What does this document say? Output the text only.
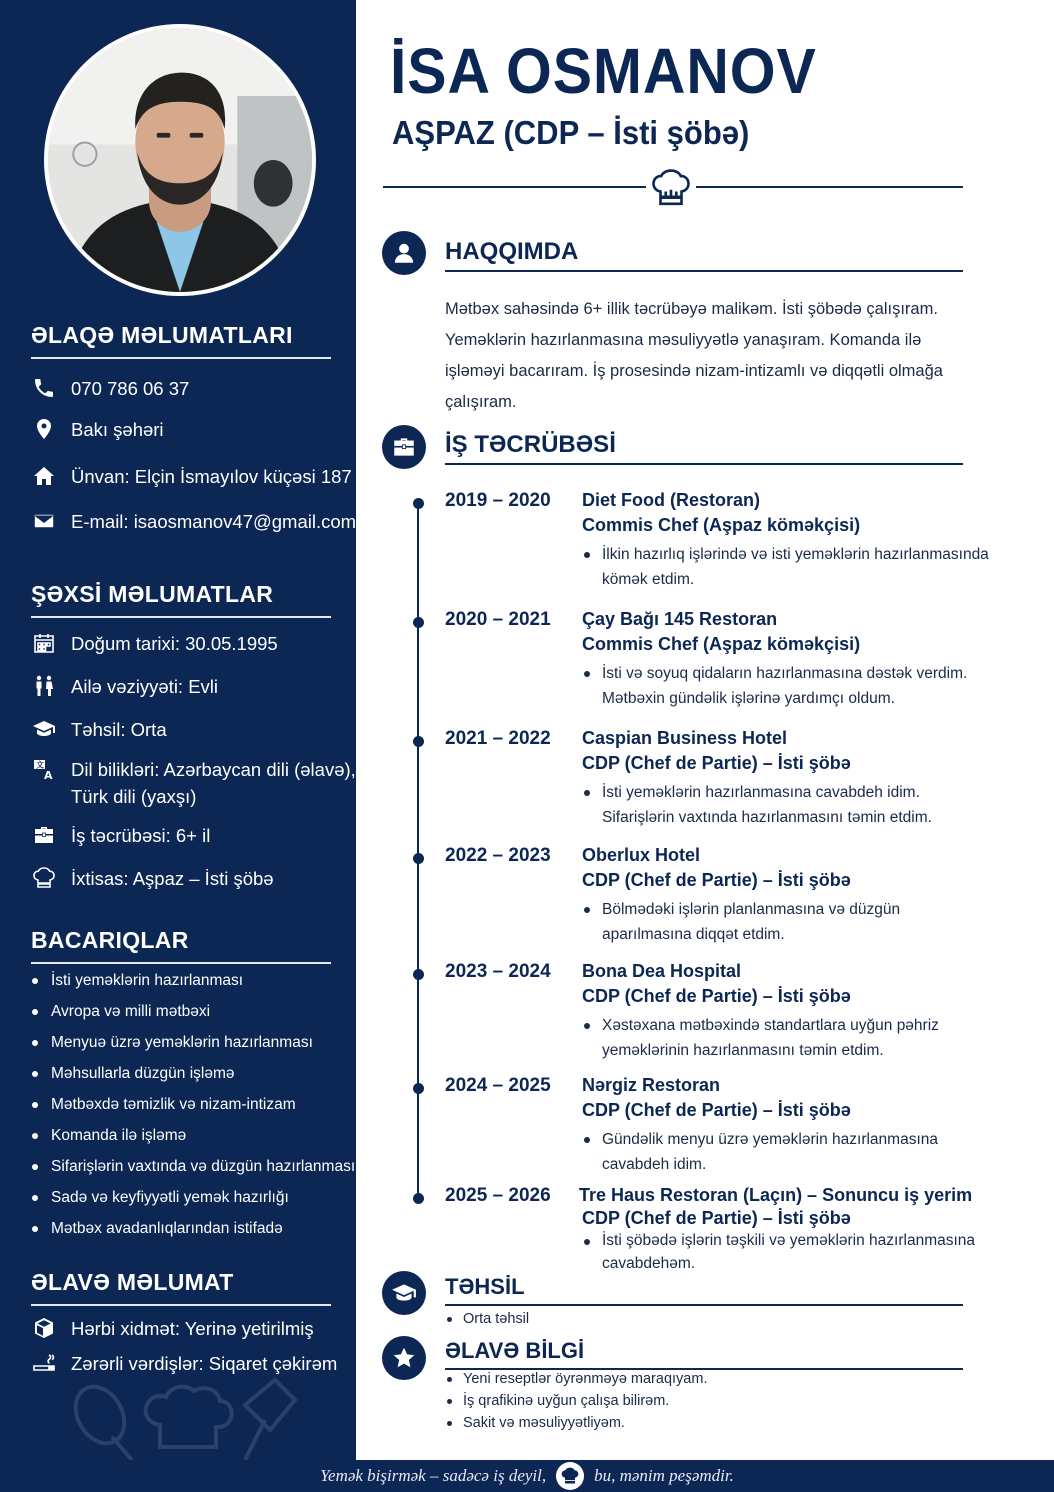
ƏLAQƏ MƏLUMATLARI
070 786 06 37
Bakı şəhəri
Ünvan: Elçin İsmayılov küçəsi 187
E-mail: isaosmanov47@gmail.com
ŞƏXSİ MƏLUMATLAR
Doğum tarixi: 30.05.1995
Ailə vəziyyəti: Evli
Təhsil: Orta
文
A Dil bilikləri: Azərbaycan dili (əlavə),
Türk dili (yaxşı)
İş təcrübəsi: 6+ il
İxtisas: Aşpaz – İsti şöbə
BACARIQLAR
İsti yeməklərin hazırlanması
Avropa və milli mətbəxi
Menyuə üzrə yeməklərin hazırlanması
Məhsullarla düzgün işləmə
Mətbəxdə təmizlik və nizam-intizam
Komanda ilə işləmə
Sifarişlərin vaxtında və düzgün hazırlanması
Sadə və keyfiyyətli yemək hazırlığı
Mətbəx avadanlıqlarından istifadə
ƏLAVƏ MƏLUMAT
Hərbi xidmət: Yerinə yetirilmiş
Zərərli vərdişlər: Siqaret çəkirəm
Yemək bişirmək – sadəcə iş deyil,	bu, mənim peşəmdir.
İSA OSMANOV
AŞPAZ (CDP – İsti şöbə)
HAQQIMDA

Mətbəx sahəsində 6+ illik təcrübəyə malikəm. İsti şöbədə çalışıram. Yeməklərin hazırlanmasına məsuliyyətlə yanaşıram. Komanda ilə işləməyi bacarıram. İş prosesində nizam-intizamlı və diqqətli olmağa çalışıram.

İŞ TƏCRÜBƏSİ
2019 – 2020 Diet Food (Restoran)
Commis Chef (Aşpaz köməkçisi)

İlkin hazırlıq işlərində və isti yeməklərin hazırlanmasında kömək etdim.

2020 – 2021 Çay Bağı 145 Restoran
Commis Chef (Aşpaz köməkçisi)

İsti və soyuq qidaların hazırlanmasına dəstək verdim. Mətbəxin gündəlik işlərinə yardımçı oldum.

2021 – 2022 Caspian Business Hotel
CDP (Chef de Partie) – İsti şöbə

İsti yeməklərin hazırlanmasına cavabdeh idim. Sifarişlərin vaxtında hazırlanmasını təmin etdim.

2022 – 2023 Oberlux Hotel
CDP (Chef de Partie) – İsti şöbə

Bölmədəki işlərin planlanmasına və düzgün aparılmasına diqqət etdim.

2023 – 2024 Bona Dea Hospital
CDP (Chef de Partie) – İsti şöbə

Xəstəxana mətbəxində standartlara uyğun pəhriz yeməklərinin hazırlanmasını təmin etdim.

2024 – 2025 Nərgiz Restoran
CDP (Chef de Partie) – İsti şöbə

Gündəlik menyu üzrə yeməklərin hazırlanmasına cavabdeh idim.

2025 – 2026 Tre Haus Restoran (Laçın) – Sonuncu iş yerim
CDP (Chef de Partie) – İsti şöbə

İsti şöbədə işlərin təşkili və yeməklərin hazırlanmasına cavabdehəm.

TƏHSİL
Orta təhsil
ƏLAVƏ BİLGİ
Yeni reseptlər öyrənməyə maraqıyam.
İş qrafikinə uyğun çalışa bilirəm.
Sakit və məsuliyyətliyəm.
